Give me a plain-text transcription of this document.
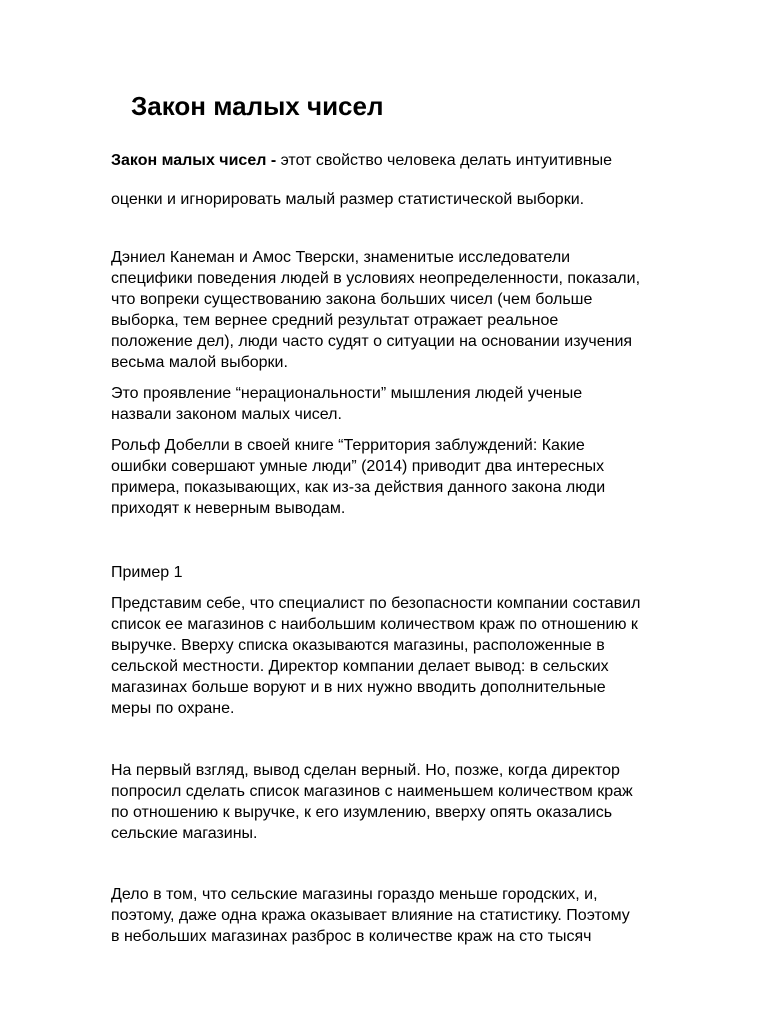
Закон малых чисел

Закон малых чисел - этот свойство человека делать интуитивные

оценки и игнорировать малый размер статистической выборки.

Дэниел Канеман и Амос Тверски, знаменитые исследователи
специфики поведения людей в условиях неопределенности, показали,
что вопреки существованию закона больших чисел (чем больше
выборка, тем вернее средний результат отражает реальное
положение дел), люди часто судят о ситуации на основании изучения
весьма малой выборки.

Это проявление “нерациональности” мышления людей ученые
назвали законом малых чисел.

Рольф Добелли в своей книге “Территория заблуждений: Какие
ошибки совершают умные люди” (2014) приводит два интересных
примера, показывающих, как из-за действия данного закона люди
приходят к неверным выводам.

Пример 1

Представим себе, что специалист по безопасности компании составил
список ее магазинов с наибольшим количеством краж по отношению к
выручке. Вверху списка оказываются магазины, расположенные в
сельской местности. Директор компании делает вывод: в сельских
магазинах больше воруют и в них нужно вводить дополнительные
меры по охране.

На первый взгляд, вывод сделан верный. Но, позже, когда директор
попросил сделать список магазинов с наименьшем количеством краж
по отношению к выручке, к его изумлению, вверху опять оказались
сельские магазины.

Дело в том, что сельские магазины гораздо меньше городских, и,
поэтому, даже одна кража оказывает влияние на статистику. Поэтому
в небольших магазинах разброс в количестве краж на сто тысяч
